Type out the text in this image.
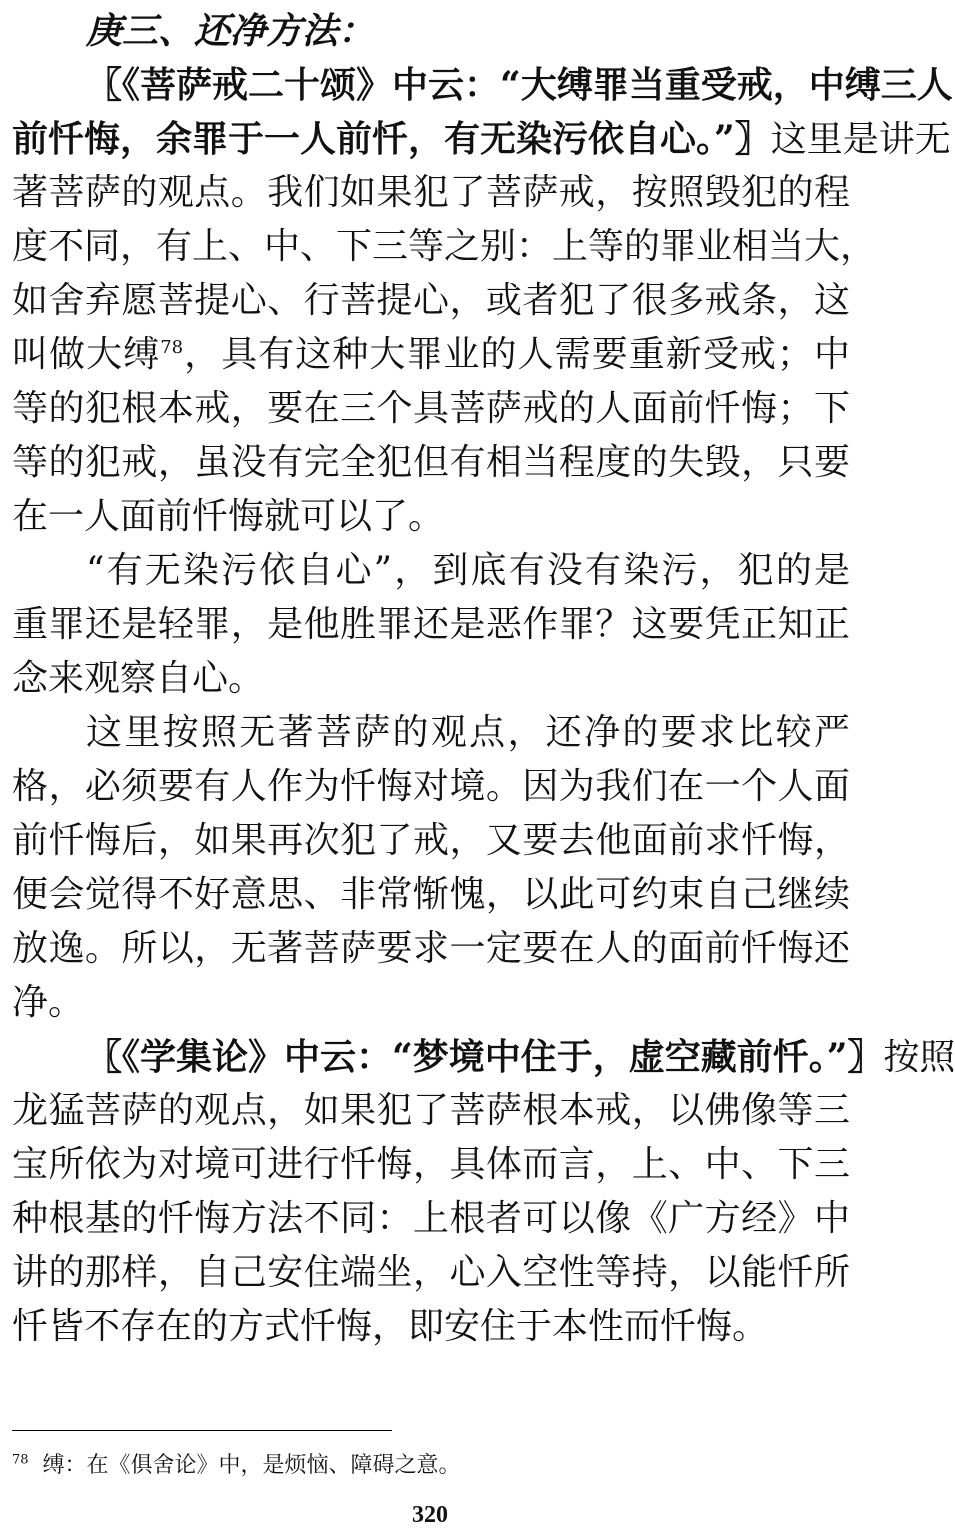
庚三、还净方法：
〖《菩萨戒二十颂》中云：“大缚罪当重受戒，中缚三人
前忏悔，余罪于一人前忏，有无染污依自心。”〗这里是讲无
著菩萨的观点。我们如果犯了菩萨戒，按照毁犯的程
度不同，有上、中、下三等之别：上等的罪业相当大，
如舍弃愿菩提心、行菩提心，或者犯了很多戒条，这
叫做大缚$^{78}$，具有这种大罪业的人需要重新受戒；中
等的犯根本戒，要在三个具菩萨戒的人面前忏悔；下
等的犯戒，虽没有完全犯但有相当程度的失毁，只要
在一人面前忏悔就可以了。
“有无染污依自心”，到底有没有染污，犯的是
重罪还是轻罪，是他胜罪还是恶作罪？这要凭正知正
念来观察自心。
这里按照无著菩萨的观点，还净的要求比较严
格，必须要有人作为忏悔对境。因为我们在一个人面
前忏悔后，如果再次犯了戒，又要去他面前求忏悔，
便会觉得不好意思、非常惭愧，以此可约束自己继续
放逸。所以，无著菩萨要求一定要在人的面前忏悔还
净。
〖《学集论》中云：“梦境中住于，虚空藏前忏。”〗按照
龙猛菩萨的观点，如果犯了菩萨根本戒，以佛像等三
宝所依为对境可进行忏悔，具体而言，上、中、下三
种根基的忏悔方法不同：上根者可以像《广方经》中
讲的那样，自己安住端坐，心入空性等持，以能忏所
忏皆不存在的方式忏悔，即安住于本性而忏悔。
$^{78}$ 缚：在《俱舍论》中，是烦恼、障碍之意。
320
